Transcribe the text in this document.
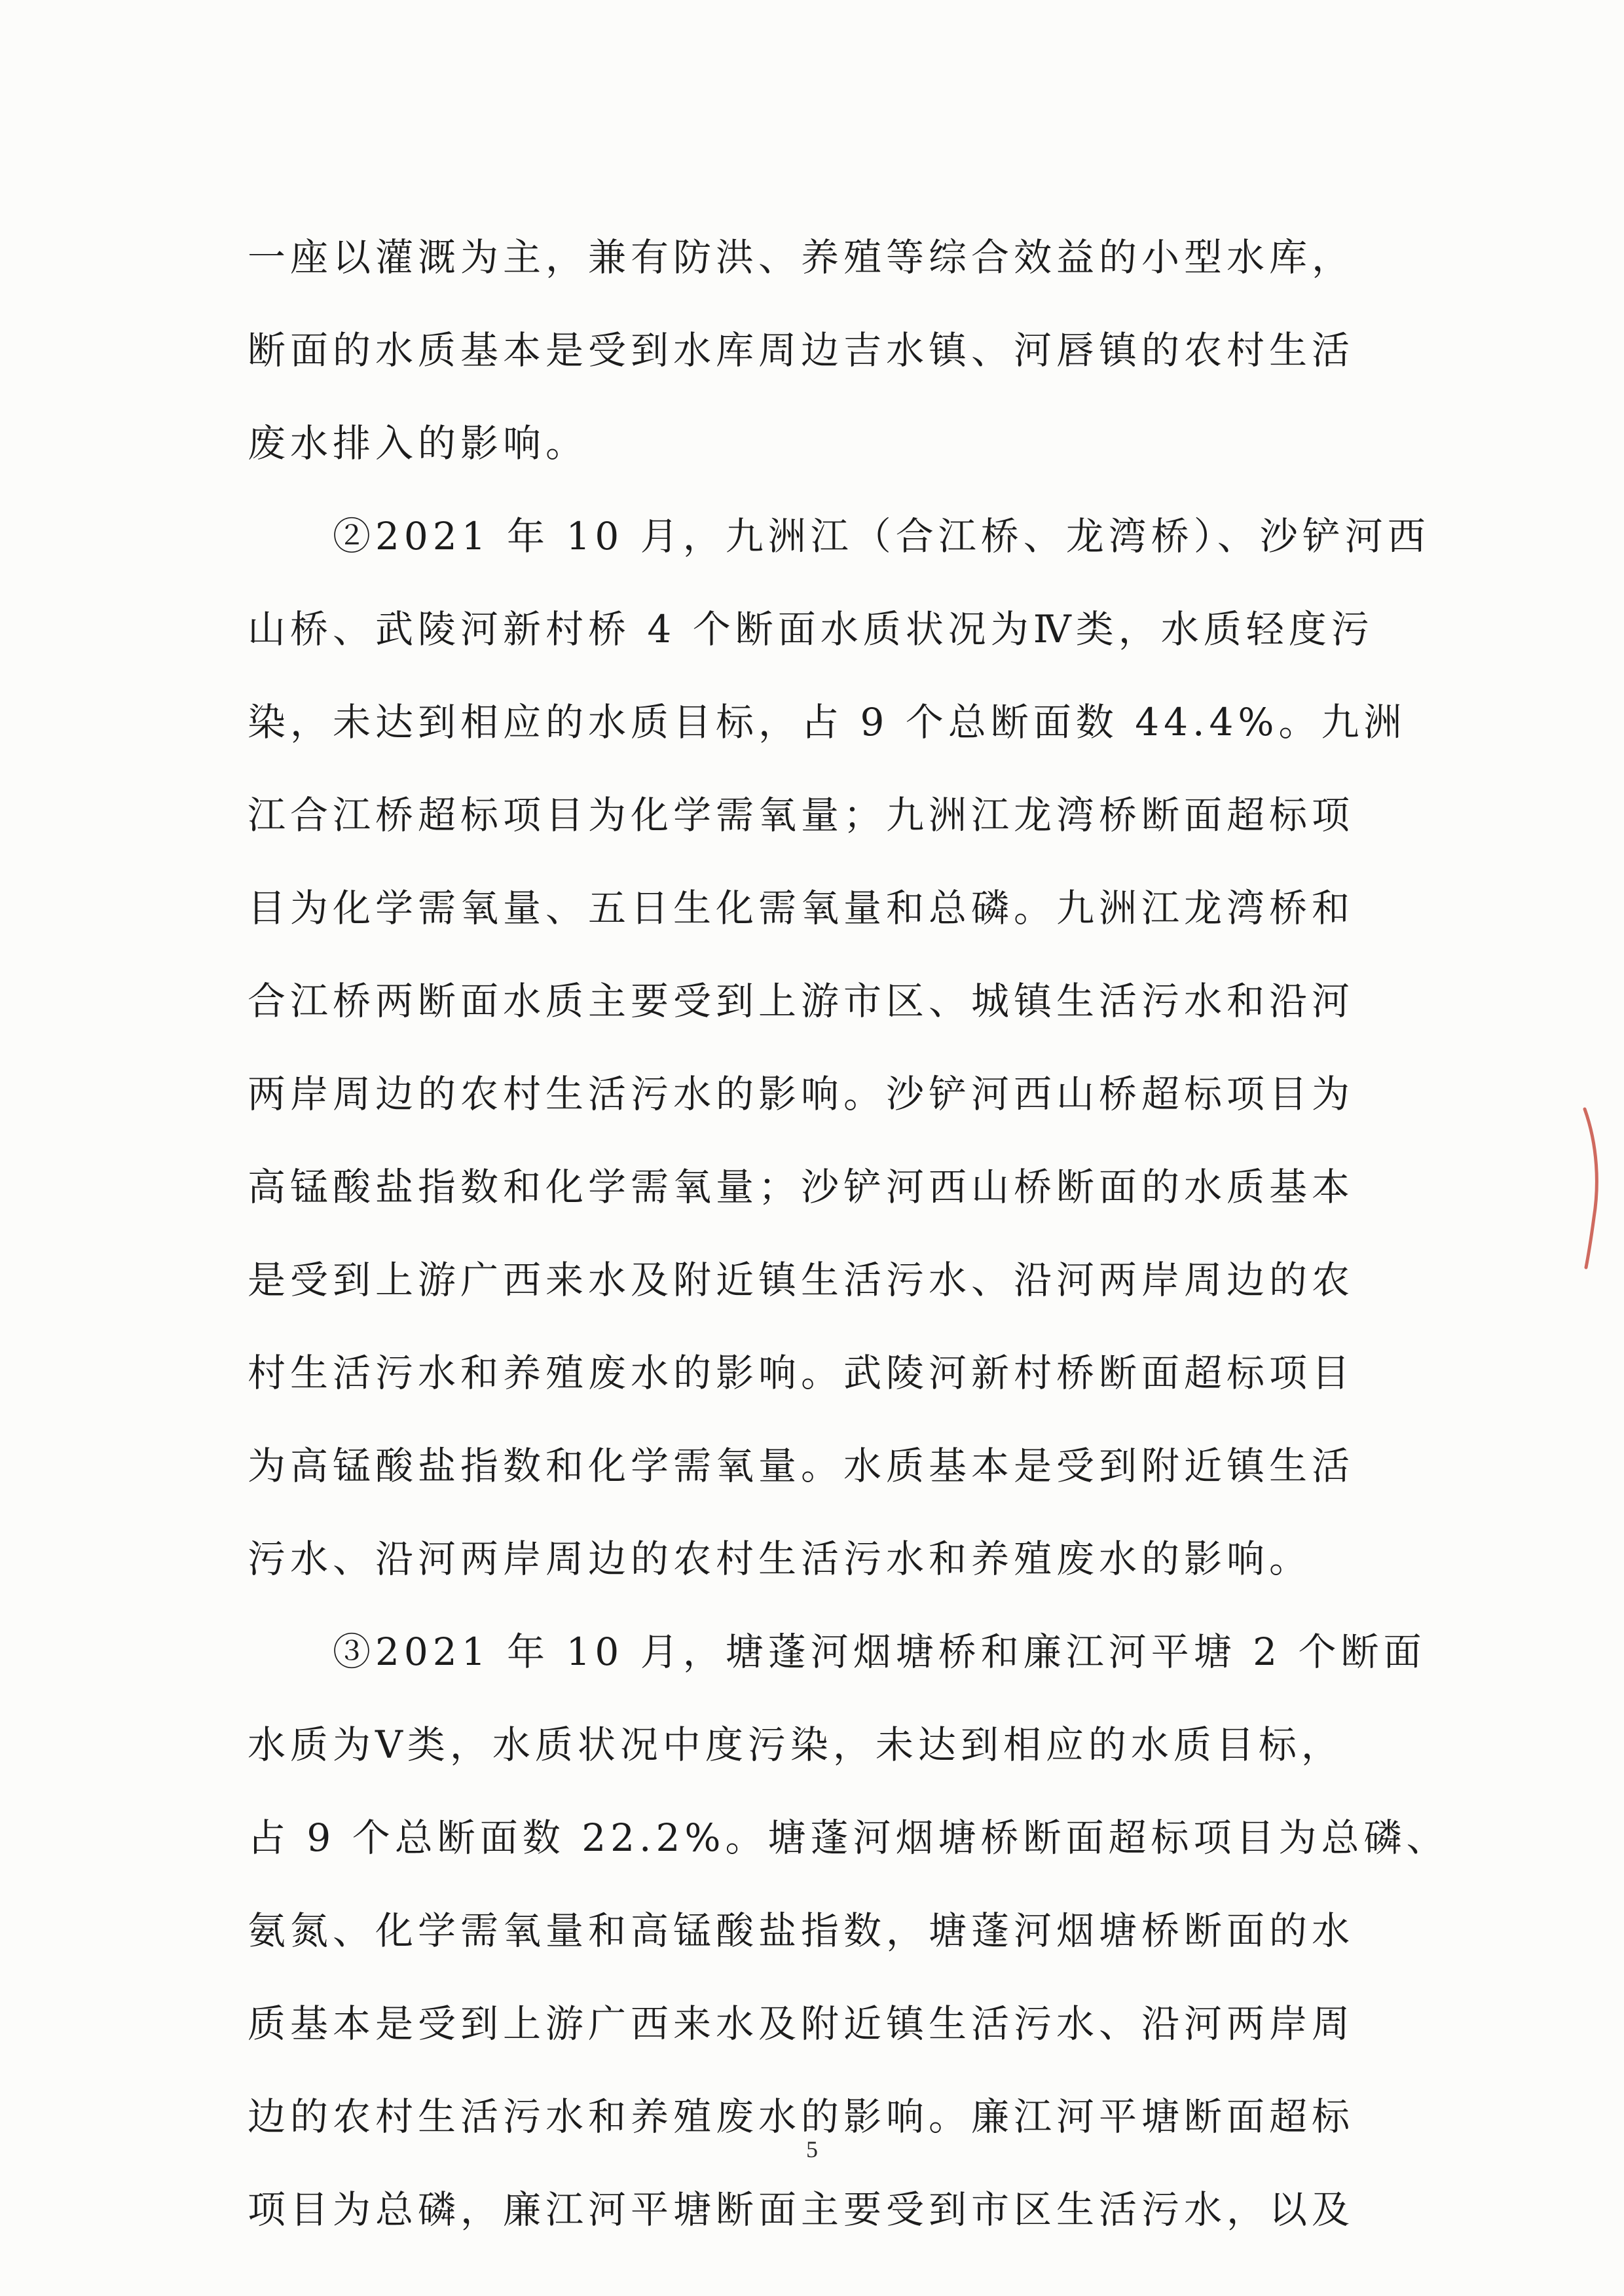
一座以灌溉为主，兼有防洪、养殖等综合效益的小型水库，
断面的水质基本是受到水库周边吉水镇、河唇镇的农村生活
废水排入的影响。
　　②2021 年 10 月，九洲江（合江桥、龙湾桥）、沙铲河西
山桥、武陵河新村桥 4 个断面水质状况为Ⅳ类，水质轻度污
染，未达到相应的水质目标，占 9 个总断面数 44.4%。九洲
江合江桥超标项目为化学需氧量；九洲江龙湾桥断面超标项
目为化学需氧量、五日生化需氧量和总磷。九洲江龙湾桥和
合江桥两断面水质主要受到上游市区、城镇生活污水和沿河
两岸周边的农村生活污水的影响。沙铲河西山桥超标项目为
高锰酸盐指数和化学需氧量；沙铲河西山桥断面的水质基本
是受到上游广西来水及附近镇生活污水、沿河两岸周边的农
村生活污水和养殖废水的影响。武陵河新村桥断面超标项目
为高锰酸盐指数和化学需氧量。水质基本是受到附近镇生活
污水、沿河两岸周边的农村生活污水和养殖废水的影响。
　　③2021 年 10 月，塘蓬河烟塘桥和廉江河平塘 2 个断面
水质为Ⅴ类，水质状况中度污染，未达到相应的水质目标，
占 9 个总断面数 22.2%。塘蓬河烟塘桥断面超标项目为总磷、
氨氮、化学需氧量和高锰酸盐指数，塘蓬河烟塘桥断面的水
质基本是受到上游广西来水及附近镇生活污水、沿河两岸周
边的农村生活污水和养殖废水的影响。廉江河平塘断面超标
项目为总磷，廉江河平塘断面主要受到市区生活污水，以及
5
